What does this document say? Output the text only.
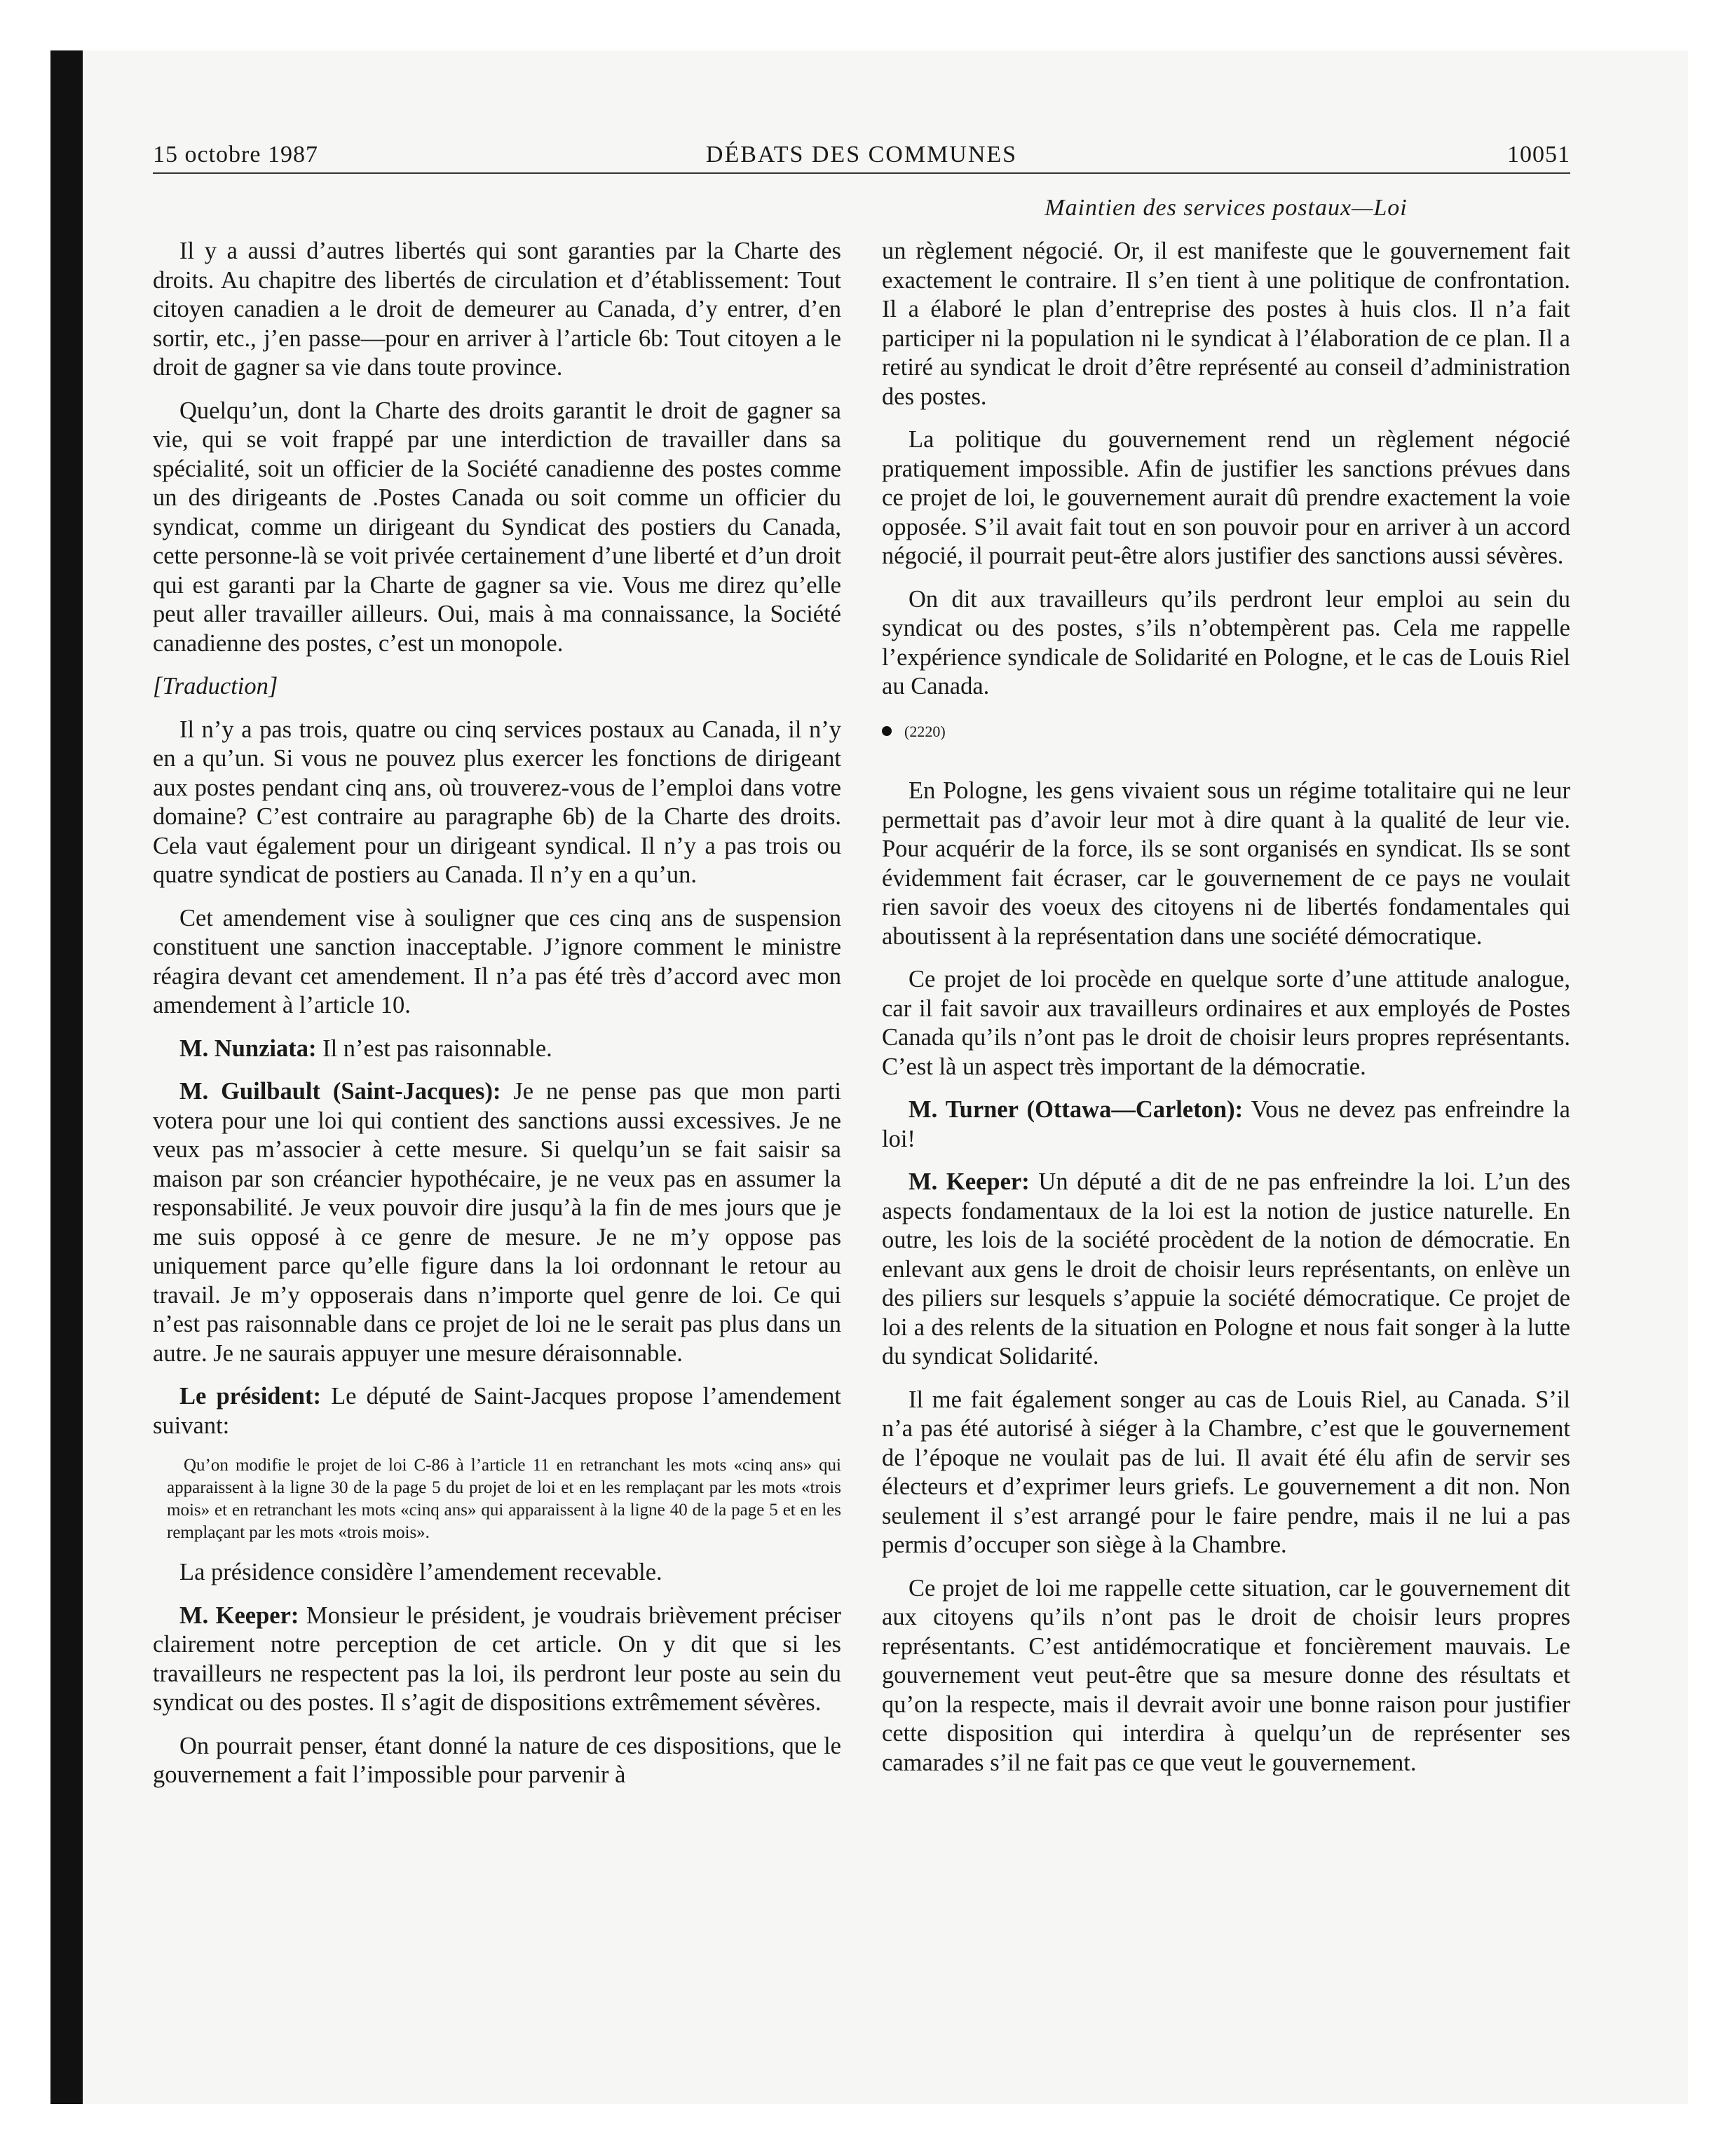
15 octobre 1987	DÉBATS DES COMMUNES	10051
Maintien des services postaux—Loi

Il y a aussi d’autres libertés qui sont garanties par la Charte des droits. Au chapitre des libertés de circulation et d’établissement: Tout citoyen canadien a le droit de demeurer au Canada, d’y entrer, d’en sortir, etc., j’en passe—pour en arriver à l’article 6b: Tout citoyen a le droit de gagner sa vie dans toute province.

Quelqu’un, dont la Charte des droits garantit le droit de gagner sa vie, qui se voit frappé par une interdiction de travailler dans sa spécialité, soit un officier de la Société canadienne des postes comme un des dirigeants de .Postes Canada ou soit comme un officier du syndicat, comme un dirigeant du Syndicat des postiers du Canada, cette personne-là se voit privée certainement d’une liberté et d’un droit qui est garanti par la Charte de gagner sa vie. Vous me direz qu’elle peut aller travailler ailleurs. Oui, mais à ma connaissance, la Société canadienne des postes, c’est un monopole.

[Traduction]

Il n’y a pas trois, quatre ou cinq services postaux au Canada, il n’y en a qu’un. Si vous ne pouvez plus exercer les fonctions de dirigeant aux postes pendant cinq ans, où trouverez-vous de l’emploi dans votre domaine? C’est contraire au paragraphe 6b) de la Charte des droits. Cela vaut également pour un dirigeant syndical. Il n’y a pas trois ou quatre syndicat de postiers au Canada. Il n’y en a qu’un.

Cet amendement vise à souligner que ces cinq ans de suspension constituent une sanction inacceptable. J’ignore comment le ministre réagira devant cet amendement. Il n’a pas été très d’accord avec mon amendement à l’article 10.

M. Nunziata: Il n’est pas raisonnable.

M. Guilbault (Saint-Jacques): Je ne pense pas que mon parti votera pour une loi qui contient des sanctions aussi excessives. Je ne veux pas m’associer à cette mesure. Si quelqu’un se fait saisir sa maison par son créancier hypothécaire, je ne veux pas en assumer la responsabilité. Je veux pouvoir dire jusqu’à la fin de mes jours que je me suis opposé à ce genre de mesure. Je ne m’y oppose pas uniquement parce qu’elle figure dans la loi ordonnant le retour au travail. Je m’y opposerais dans n’importe quel genre de loi. Ce qui n’est pas raisonnable dans ce projet de loi ne le serait pas plus dans un autre. Je ne saurais appuyer une mesure déraisonnable.

Le président: Le député de Saint-Jacques propose l’amendement suivant:

Qu’on modifie le projet de loi C-86 à l’article 11 en retranchant les mots «cinq ans» qui apparaissent à la ligne 30 de la page 5 du projet de loi et en les remplaçant par les mots «trois mois» et en retranchant les mots «cinq ans» qui apparaissent à la ligne 40 de la page 5 et en les remplaçant par les mots «trois mois».

La présidence considère l’amendement recevable.

M. Keeper: Monsieur le président, je voudrais brièvement préciser clairement notre perception de cet article. On y dit que si les travailleurs ne respectent pas la loi, ils perdront leur poste au sein du syndicat ou des postes. Il s’agit de dispositions extrêmement sévères.

On pourrait penser, étant donné la nature de ces dispositions, que le gouvernement a fait l’impossible pour parvenir à

un règlement négocié. Or, il est manifeste que le gouvernement fait exactement le contraire. Il s’en tient à une politique de confrontation. Il a élaboré le plan d’entreprise des postes à huis clos. Il n’a fait participer ni la population ni le syndicat à l’élaboration de ce plan. Il a retiré au syndicat le droit d’être représenté au conseil d’administration des postes.

La politique du gouvernement rend un règlement négocié pratiquement impossible. Afin de justifier les sanctions prévues dans ce projet de loi, le gouvernement aurait dû prendre exactement la voie opposée. S’il avait fait tout en son pouvoir pour en arriver à un accord négocié, il pourrait peut-être alors justifier des sanctions aussi sévères.

On dit aux travailleurs qu’ils perdront leur emploi au sein du syndicat ou des postes, s’ils n’obtempèrent pas. Cela me rappelle l’expérience syndicale de Solidarité en Pologne, et le cas de Louis Riel au Canada.

(2220)

En Pologne, les gens vivaient sous un régime totalitaire qui ne leur permettait pas d’avoir leur mot à dire quant à la qualité de leur vie. Pour acquérir de la force, ils se sont organisés en syndicat. Ils se sont évidemment fait écraser, car le gouvernement de ce pays ne voulait rien savoir des voeux des citoyens ni de libertés fondamentales qui aboutissent à la représentation dans une société démocratique.

Ce projet de loi procède en quelque sorte d’une attitude analogue, car il fait savoir aux travailleurs ordinaires et aux employés de Postes Canada qu’ils n’ont pas le droit de choisir leurs propres représentants. C’est là un aspect très important de la démocratie.

M. Turner (Ottawa—Carleton): Vous ne devez pas enfreindre la loi!

M. Keeper: Un député a dit de ne pas enfreindre la loi. L’un des aspects fondamentaux de la loi est la notion de justice naturelle. En outre, les lois de la société procèdent de la notion de démocratie. En enlevant aux gens le droit de choisir leurs représentants, on enlève un des piliers sur lesquels s’appuie la société démocratique. Ce projet de loi a des relents de la situation en Pologne et nous fait songer à la lutte du syndicat Solidarité.

Il me fait également songer au cas de Louis Riel, au Canada. S’il n’a pas été autorisé à siéger à la Chambre, c’est que le gouvernement de l’époque ne voulait pas de lui. Il avait été élu afin de servir ses électeurs et d’exprimer leurs griefs. Le gouvernement a dit non. Non seulement il s’est arrangé pour le faire pendre, mais il ne lui a pas permis d’occuper son siège à la Chambre.

Ce projet de loi me rappelle cette situation, car le gouvernement dit aux citoyens qu’ils n’ont pas le droit de choisir leurs propres représentants. C’est antidémocratique et foncièrement mauvais. Le gouvernement veut peut-être que sa mesure donne des résultats et qu’on la respecte, mais il devrait avoir une bonne raison pour justifier cette disposition qui interdira à quelqu’un de représenter ses camarades s’il ne fait pas ce que veut le gouvernement.
